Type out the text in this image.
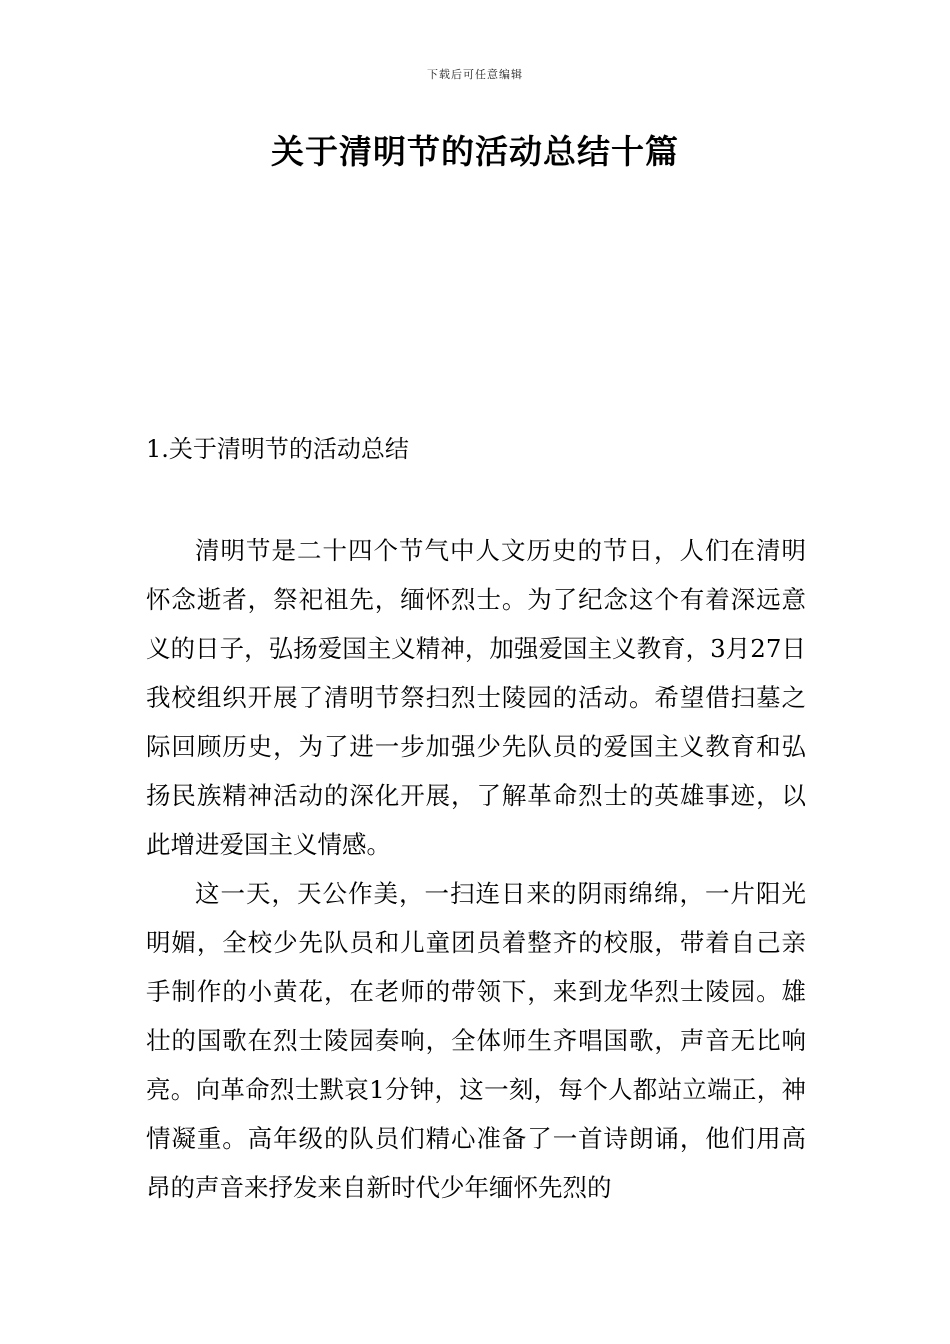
下载后可任意编辑
关于清明节的活动总结十篇
1.关于清明节的活动总结

清明节是二十四个节气中人文历史的节日，人们在清明怀念逝者，祭祀祖先，缅怀烈士。为了纪念这个有着深远意义的日子，弘扬爱国主义精神，加强爱国主义教育，3月27日我校组织开展了清明节祭扫烈士陵园的活动。希望借扫墓之际回顾历史，为了进一步加强少先队员的爱国主义教育和弘扬民族精神活动的深化开展，了解革命烈士的英雄事迹，以此增进爱国主义情感。

这一天，天公作美，一扫连日来的阴雨绵绵，一片阳光明媚，全校少先队员和儿童团员着整齐的校服，带着自己亲手制作的小黄花，在老师的带领下，来到龙华烈士陵园。雄壮的国歌在烈士陵园奏响，全体师生齐唱国歌，声音无比响亮。向革命烈士默哀1分钟，这一刻，每个人都站立端正，神情凝重。高年级的队员们精心准备了一首诗朗诵，他们用高昂的声音来抒发来自新时代少年缅怀先烈的
